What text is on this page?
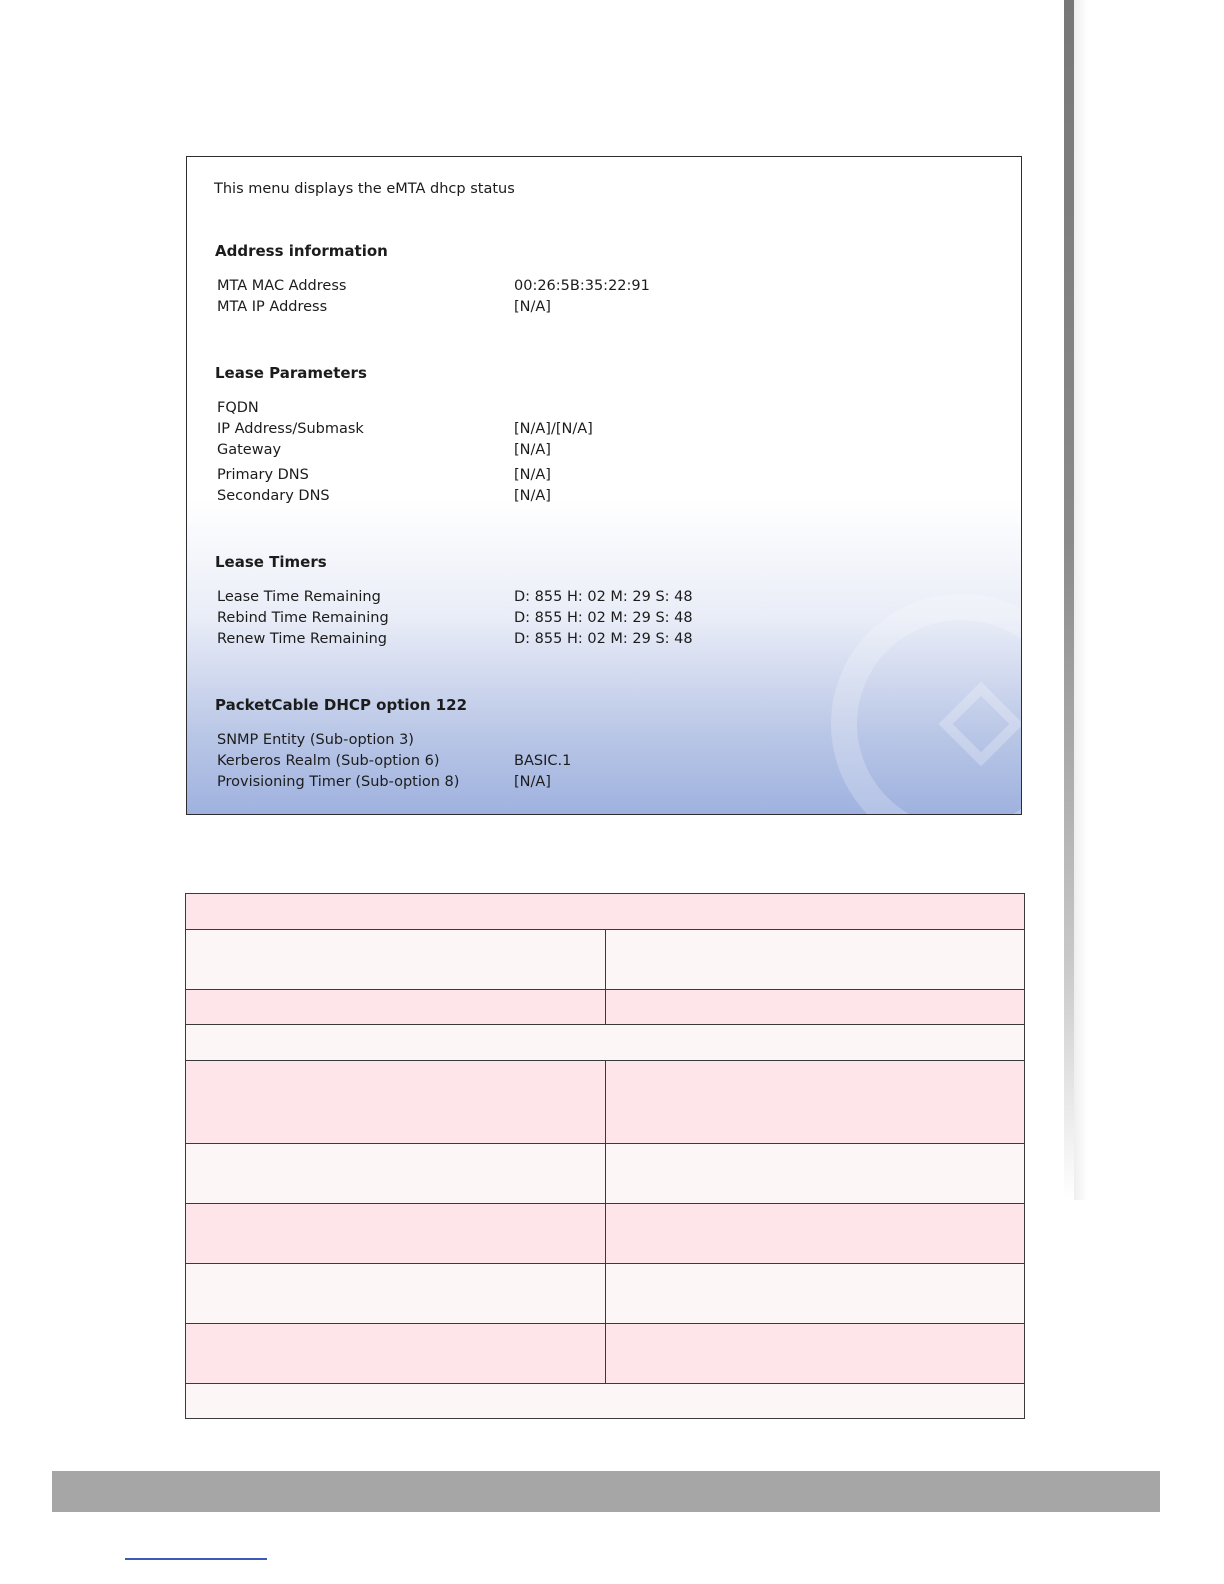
This menu displays the eMTA dhcp status
Address information
MTA MAC Address	00:26:5B:35:22:91
MTA IP Address	[N/A]
Lease Parameters
FQDN
IP Address/Submask	[N/A]/[N/A]
Gateway	[N/A]
Primary DNS	[N/A]
Secondary DNS	[N/A]
Lease Timers
Lease Time Remaining	D: 855 H: 02 M: 29 S: 48
Rebind Time Remaining	D: 855 H: 02 M: 29 S: 48
Renew Time Remaining	D: 855 H: 02 M: 29 S: 48
PacketCable DHCP option 122
SNMP Entity (Sub-option 3)
Kerberos Realm (Sub-option 6)	BASIC.1
Provisioning Timer (Sub-option 8)	[N/A]
